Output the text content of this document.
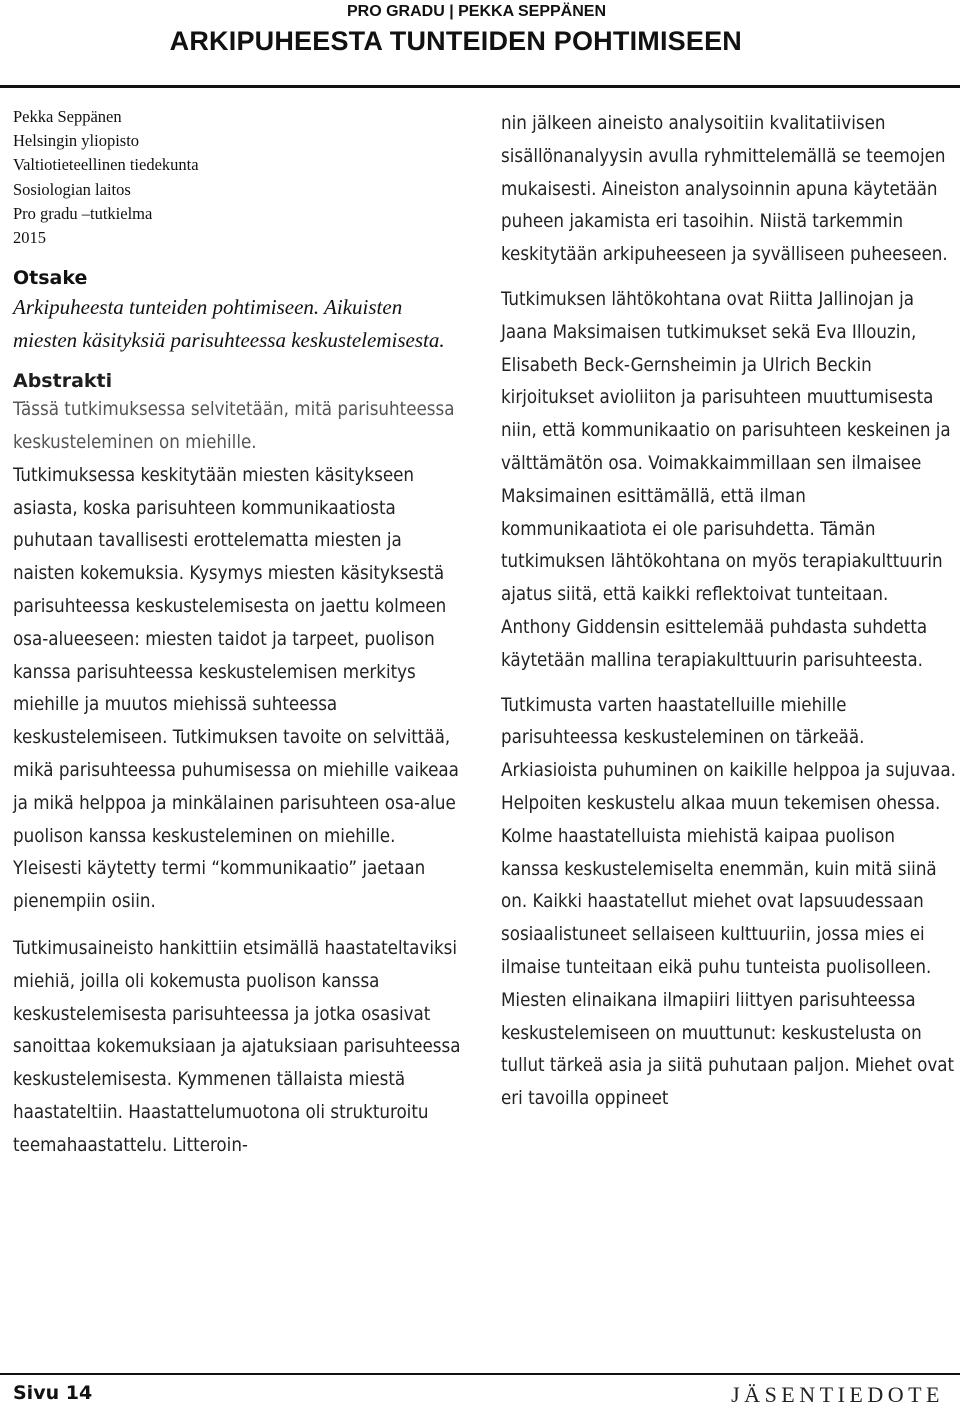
PRO GRADU | PEKKA SEPPÄNEN
ARKIPUHEESTA TUNTEIDEN POHTIMISEEN
Pekka Seppänen
Helsingin yliopisto
Valtiotieteellinen tiedekunta
Sosiologian laitos
Pro gradu –tutkielma
2015
Otsake
Arkipuheesta tunteiden pohtimiseen. Aikuisten miesten käsityksiä parisuhteessa keskustelemisesta.
Abstrakti

Tässä tutkimuksessa selvitetään, mitä parisuhteessa keskusteleminen on miehille.

Tutkimuksessa keskitytään miesten käsitykseen asiasta, koska parisuhteen kommunikaatiosta puhutaan tavallisesti erottelematta miesten ja naisten kokemuksia. Kysymys miesten käsityksestä parisuhteessa keskustelemisesta on jaettu kolmeen osa-alueeseen: miesten taidot ja tarpeet, puolison kanssa parisuhteessa keskustelemisen merkitys miehille ja muutos miehissä suhteessa keskustelemiseen. Tutkimuksen tavoite on selvittää, mikä parisuhteessa puhumisessa on miehille vaikeaa ja mikä helppoa ja minkälainen parisuhteen osa-alue puolison kanssa keskusteleminen on miehille. Yleisesti käytetty termi “kommunikaatio” jaetaan pienempiin osiin.

Tutkimusaineisto hankittiin etsimällä haastateltaviksi miehiä, joilla oli kokemusta puolison kanssa keskustelemisesta parisuhteessa ja jotka osasivat sanoittaa kokemuksiaan ja ajatuksiaan parisuhteessa keskustelemisesta. Kymmenen tällaista miestä haastateltiin. Haastattelumuotona oli strukturoitu teemahaastattelu. Litteroin-

nin jälkeen aineisto analysoitiin kvalitatiivisen sisällönanalyysin avulla ryhmittelemällä se teemojen mukaisesti. Aineiston analysoinnin apuna käytetään puheen jakamista eri tasoihin. Niistä tarkemmin keskitytään arkipuheeseen ja syvälliseen puheeseen.

Tutkimuksen lähtökohtana ovat Riitta Jallinojan ja Jaana Maksimaisen tutkimukset sekä Eva Illouzin, Elisabeth Beck-Gernsheimin ja Ulrich Beckin kirjoitukset avioliiton ja parisuhteen muuttumisesta niin, että kommunikaatio on parisuhteen keskeinen ja välttämätön osa. Voimakkaimmillaan sen ilmaisee Maksimainen esittämällä, että ilman kommunikaatiota ei ole parisuhdetta. Tämän tutkimuksen lähtökohtana on myös terapiakulttuurin ajatus siitä, että kaikki reflektoivat tunteitaan. Anthony Giddensin esittelemää puhdasta suhdetta käytetään mallina terapiakulttuurin parisuhteesta.

Tutkimusta varten haastatelluille miehille parisuhteessa keskusteleminen on tärkeää. Arkiasioista puhuminen on kaikille helppoa ja sujuvaa. Helpoiten keskustelu alkaa muun tekemisen ohessa. Kolme haastatelluista miehistä kaipaa puolison kanssa keskustelemiselta enemmän, kuin mitä siinä on. Kaikki haastatellut miehet ovat lapsuudessaan sosiaalistuneet sellaiseen kulttuuriin, jossa mies ei ilmaise tunteitaan eikä puhu tunteista puolisolleen. Miesten elinaikana ilmapiiri liittyen parisuhteessa keskustelemiseen on muuttunut: keskustelusta on tullut tärkeä asia ja siitä puhutaan paljon. Miehet ovat eri tavoilla oppineet

Sivu 14	JÄSENTIEDOTE
